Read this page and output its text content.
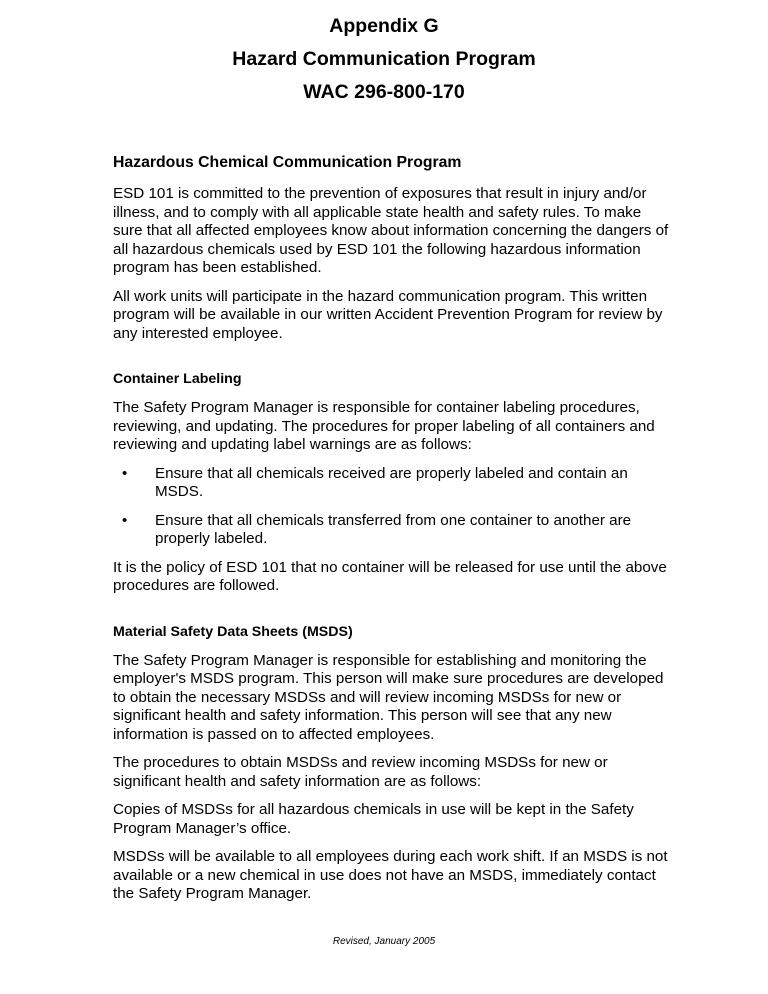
Appendix G
Hazard Communication Program
WAC 296-800-170
Hazardous Chemical Communication Program

ESD 101 is committed to the prevention of exposures that result in injury and/or illness, and to comply with all applicable state health and safety rules. To make sure that all affected employees know about information concerning the dangers of all hazardous chemicals used by ESD 101 the following hazardous information program has been established.

All work units will participate in the hazard communication program. This written program will be available in our written Accident Prevention Program for review by any interested employee.

Container Labeling

The Safety Program Manager is responsible for container labeling procedures, reviewing, and updating. The procedures for proper labeling of all containers and reviewing and updating label warnings are as follows:

• Ensure that all chemicals received are properly labeled and contain an MSDS.
• Ensure that all chemicals transferred from one container to another are properly labeled.

It is the policy of ESD 101 that no container will be released for use until the above procedures are followed.

Material Safety Data Sheets (MSDS)

The Safety Program Manager is responsible for establishing and monitoring the employer's MSDS program. This person will make sure procedures are developed to obtain the necessary MSDSs and will review incoming MSDSs for new or significant health and safety information. This person will see that any new information is passed on to affected employees.

The procedures to obtain MSDSs and review incoming MSDSs for new or significant health and safety information are as follows:

Copies of MSDSs for all hazardous chemicals in use will be kept in the Safety Program Manager’s office.

MSDSs will be available to all employees during each work shift. If an MSDS is not available or a new chemical in use does not have an MSDS, immediately contact the Safety Program Manager.

Revised, January 2005
